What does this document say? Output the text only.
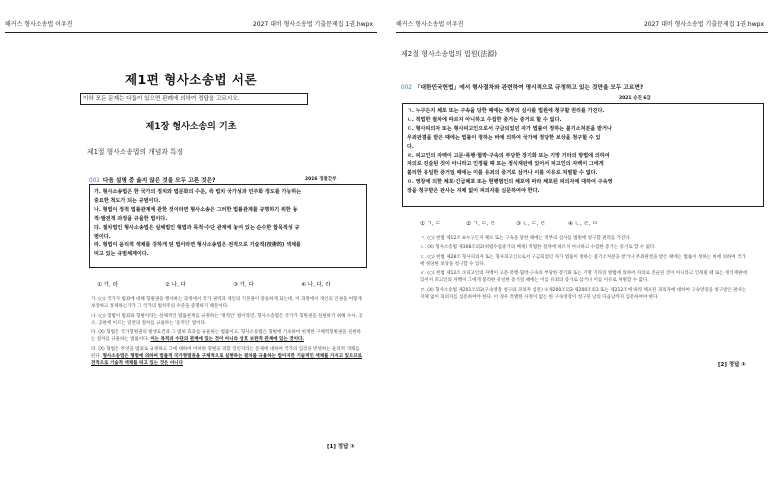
해커스 형사소송법 이우진	2027 대비 형사소송법 기출문제집 1권.hwpx
제1편 형사소송법 서론
이하 모든 문제는 다툼이 있으면 판례에 의하여 정답을 고르시오.
제1장 형사소송의 기초
제1절 형사소송법의 개념과 특징
001 다음 설명 중 옳지 않은 것을 모두 고른 것은?	2016 경찰간부
가. 형사소송법은 한 국가의 정치와 법문화의 수준, 즉 법치 국가성과 민주화 정도를 가능하는
중요한 척도가 되는 규범이다.
나. 형법이 정적 법률관계에 관한 것이라면 형사소송은 그러한 법률관계를 규명하기 위한 동
적·발전적 과정을 규율한 법이다.
다. 절차법인 형사소송법은 실체법인 형법과 목적·수단 관계에 놓여 있는 순수한 합목적성 규
범이다.
라. 형법이 윤리적 색채를 강하게 띤 법이라면 형사소송법은 전적으로 기술적(技術的) 색채를
띠고 있는 규범체계이다.
① 가, 라	② 나, 다	③ 가, 다	④ 나, 다, 라

가. (○) 국가가 범죄에 대해 형벌권을 행사하는 과정에서 국가 권력과 개인의 기본권이 충돌하게 되는데, 이 과정에서 개인의 인권을 어떻게 보장하고 통제하는가가 그 국가의 법치주의 수준을 증명하기 때문이다.

나. (○) 형법이 범죄와 형벌이라는 실체적인 법률관계를 규정하는 '정적인' 법이라면, 형사소송법은 국가가 형벌권을 실현하기 위해 수사, 공소, 공판에 이르는 일련의 절차를 규율하는 '동적인' 법이다.

다. (X) 형법은 국가형벌권의 발생요건과 그 범위 효과를 규율하는 법률이고, 형사소송법은 형벌에 기초하여 현재한 구체적형벌권을 실현하는 절차를 규율하는 법률이다. 이는 목적과 수단의 관계에 있는 것이 아니라 상호 보완적 관계에 있는 것이다.

라. (X) 형법은 무엇을 범죄로 규정하고 그에 대하여 어떠한 형벌을 과할 것인지라는 문제에 대하여 국가의 입장을 반영하는 윤리적 색채를 띤다. 형사소송법은 형벌에 의하여 법률적 국가형벌권을 구체적으로 실현하는 절차를 규율하는 법이지만 기술적인 색채를 가지고 있으므로 전적으로 기술적 색채를 띠고 있는 것은 아니다

[1] 정답 ①
해커스 형사소송법 이우진	2027 대비 형사소송법 기출문제집 1권.hwpx
제2절 형사소송법의 법원(法源)
002 「대한민국헌법」에서 형사절차와 관련하여 명시적으로 규정하고 있는 것만을 모두 고르면?
2021 승진 6급
ㄱ. 누구든지 체포 또는 구속을 당한 때에는 적부의 심사를 법원에 청구할 권리를 가진다.
ㄴ. 적법한 절차에 따르지 아니하고 수집한 증거는 증거로 할 수 없다.
ㄷ. 형사피의자 또는 형사피고인으로서 구금되었던 자가 법률이 정하는 불기소처분을 받거나
무죄판결을 받은 때에는 법률이 정하는 바에 의하여 국가에 정당한 보상을 청구할 수 있
다.
ㄹ. 피고인의 자백이 고문·폭행·협박·구속의 부당한 장기화 또는 기망 기타의 방법에 의하여
자의로 진술된 것이 아니라고 인정될 때 또는 정식재판에 있어서 피고인의 자백이 그에게
불리한 유일한 증거일 때에는 이를 유죄의 증거로 삼거나 이를 이유로 처벌할 수 없다.
ㅁ. 영장에 의한 체포·긴급체포 또는 현행범인의 체포에 따라 체포된 피의자에 대하여 구속영
장을 청구받은 판사는 지체 없이 피의자를 심문하여야 한다.
① ㄱ, ㄷ	② ㄱ, ㄷ, ㄹ	③ ㄴ, ㄷ, ㄹ	④ ㄴ, ㄹ, ㅁ

ㄱ. (○) 헌법 제12조 ⑥누구든지 체포 또는 구속을 당한 때에는 적부의 심사를 법원에 청구할 권리를 가진다.

ㄴ. (X) 형사소송법 제308조의2(위법수집증거의 배제) 적법한 절차에 따르지 아니하고 수집한 증거는 증거로 할 수 없다.

ㄷ. (○) 헌법 제28조 형사피의자 또는 형사피고인으로서 구금되었던 자가 법률이 정하는 불기소처분을 받거나 무죄판결을 받은 때에는 법률이 정하는 바에 의하여 국가에 정당한 보상을 청구할 수 있다.

ㄹ. (○) 헌법 제12조 ⑦피고인의 자백이 고문·폭행·협박·구속의 부당한 장기화 또는 기망 기타의 방법에 의하여 자의로 진술된 것이 아니라고 인정될 때 또는 정식재판에 있어서 피고인의 자백이 그에게 불리한 유일한 증거일 때에는 이를 유죄의 증거로 삼거나 이를 이유로 처벌할 수 없다.

ㅁ. (X) 형사소송법 제201조의2(구속영장 청구와 피의자 심문) ①제200조의2·제200조의3 또는 제212조에 따라 체포된 피의자에 대하여 구속영장을 청구받은 판사는 지체 없이 피의자를 심문하여야 한다. 이 경우 특별한 사정이 없는 한 구속영장이 청구된 날의 다음날까지 심문하여야 한다.

[2] 정답 ①
